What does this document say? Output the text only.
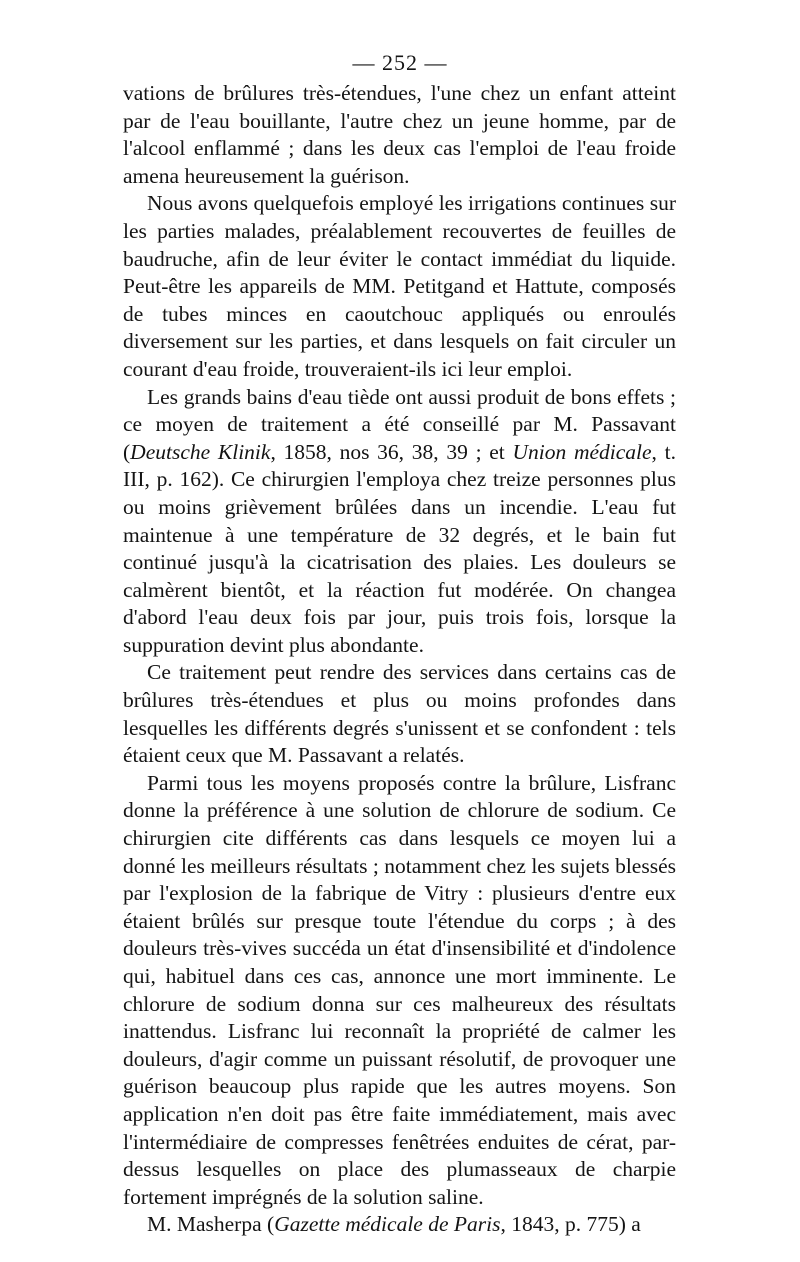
— 252 —

vations de brûlures très-étendues, l'une chez un enfant atteint par de l'eau bouillante, l'autre chez un jeune homme, par de l'alcool enflammé ; dans les deux cas l'emploi de l'eau froide amena heureusement la guérison.

Nous avons quelquefois employé les irrigations continues sur les parties malades, préalablement recouvertes de feuilles de baudruche, afin de leur éviter le contact immédiat du liquide. Peut-être les appareils de MM. Petitgand et Hattute, composés de tubes minces en caoutchouc appliqués ou enroulés diversement sur les parties, et dans lesquels on fait circuler un courant d'eau froide, trouveraient-ils ici leur emploi.

Les grands bains d'eau tiède ont aussi produit de bons effets ; ce moyen de traitement a été conseillé par M. Passavant (Deutsche Klinik, 1858, nos 36, 38, 39 ; et Union médicale, t. III, p. 162). Ce chirurgien l'employa chez treize personnes plus ou moins grièvement brûlées dans un incendie. L'eau fut maintenue à une température de 32 degrés, et le bain fut continué jusqu'à la cicatrisation des plaies. Les douleurs se calmèrent bientôt, et la réaction fut modérée. On changea d'abord l'eau deux fois par jour, puis trois fois, lorsque la suppuration devint plus abondante.

Ce traitement peut rendre des services dans certains cas de brûlures très-étendues et plus ou moins profondes dans lesquelles les différents degrés s'unissent et se confondent : tels étaient ceux que M. Passavant a relatés.

Parmi tous les moyens proposés contre la brûlure, Lisfranc donne la préférence à une solution de chlorure de sodium. Ce chirurgien cite différents cas dans lesquels ce moyen lui a donné les meilleurs résultats ; notamment chez les sujets blessés par l'explosion de la fabrique de Vitry : plusieurs d'entre eux étaient brûlés sur presque toute l'étendue du corps ; à des douleurs très-vives succéda un état d'insensibilité et d'indolence qui, habituel dans ces cas, annonce une mort imminente. Le chlorure de sodium donna sur ces malheureux des résultats inattendus. Lisfranc lui reconnaît la propriété de calmer les douleurs, d'agir comme un puissant résolutif, de provoquer une guérison beaucoup plus rapide que les autres moyens. Son application n'en doit pas être faite immédiatement, mais avec l'intermédiaire de compresses fenêtrées enduites de cérat, par-dessus lesquelles on place des plumasseaux de charpie fortement imprégnés de la solution saline.

M. Masherpa (Gazette médicale de Paris, 1843, p. 775) a
